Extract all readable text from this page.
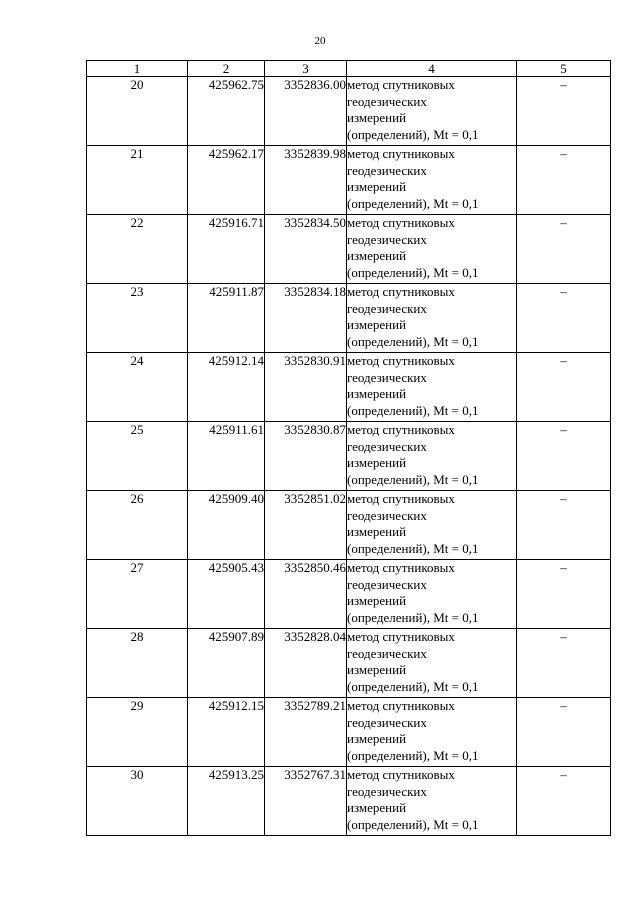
20
1	2	3	4	5
20	425962.75	3352836.00	метод спутниковых
геодезических
измерений
(определений), Mt = 0,1	–
21	425962.17	3352839.98	метод спутниковых
геодезических
измерений
(определений), Mt = 0,1	–
22	425916.71	3352834.50	метод спутниковых
геодезических
измерений
(определений), Mt = 0,1	–
23	425911.87	3352834.18	метод спутниковых
геодезических
измерений
(определений), Mt = 0,1	–
24	425912.14	3352830.91	метод спутниковых
геодезических
измерений
(определений), Mt = 0,1	–
25	425911.61	3352830.87	метод спутниковых
геодезических
измерений
(определений), Mt = 0,1	–
26	425909.40	3352851.02	метод спутниковых
геодезических
измерений
(определений), Mt = 0,1	–
27	425905.43	3352850.46	метод спутниковых
геодезических
измерений
(определений), Mt = 0,1	–
28	425907.89	3352828.04	метод спутниковых
геодезических
измерений
(определений), Mt = 0,1	–
29	425912.15	3352789.21	метод спутниковых
геодезических
измерений
(определений), Mt = 0,1	–
30	425913.25	3352767.31	метод спутниковых
геодезических
измерений
(определений), Mt = 0,1	–
